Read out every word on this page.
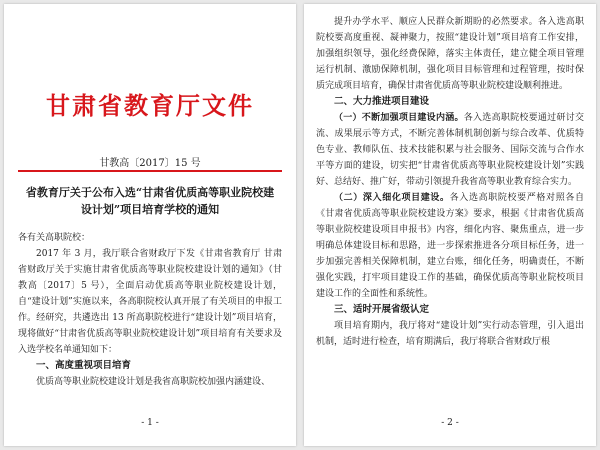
甘肃省教育厅文件
甘教高〔2017〕15 号
省教育厅关于公布入选“甘肃省优质高等职业院校建设计划”项目培育学校的通知

各有关高职院校：

2017 年 3 月，我厅联合省财政厅下发《甘肃省教育厅 甘肃省财政厅关于实施甘肃省优质高等职业院校建设计划的通知》（甘教高〔2017〕5 号），全面启动优质高等职业院校建设计划，自“建设计划”实施以来，各高职院校认真开展了有关项目的申报工作。经研究，共遴选出 13 所高职院校进行“建设计划”项目培育，现将做好“甘肃省优质高等职业院校建设计划”项目培育有关要求及入选学校名单通知如下：

一、高度重视项目培育

优质高等职业院校建设计划是我省高职院校加强内涵建设、

- 1 -

提升办学水平、顺应人民群众新期盼的必然要求。各入选高职院校要高度重视、凝神聚力，按照“建设计划”项目培育工作安排，加强组织领导，强化经费保障，落实主体责任，建立健全项目管理运行机制、激励保障机制，强化项目目标管理和过程管理，按时保质完成项目培育，确保甘肃省优质高等职业院校建设顺利推进。

二、大力推进项目建设

（一）不断加强项目建设内涵。各入选高职院校要通过研讨交流、成果展示等方式，不断完善体制机制创新与综合改革、优质特色专业、教师队伍、技术技能积累与社会服务、国际交流与合作水平等方面的建设，切实把“甘肃省优质高等职业院校建设计划”实践好、总结好、推广好，带动引领提升我省高等职业教育综合实力。

（二）深入细化项目建设。各入选高职院校要严格对照各自《甘肃省优质高等职业院校建设方案》要求，根据《甘肃省优质高等职业院校建设项目申报书》内容，细化内容、聚焦重点，进一步明确总体建设目标和思路，进一步探索推进各分项目标任务，进一步加强完善相关保障机制，建立台账，细化任务，明确责任，不断强化实践，打牢项目建设工作的基础，确保优质高等职业院校项目建设工作的全面性和系统性。

三、适时开展省级认定

项目培育期内，我厅将对“建设计划”实行动态管理，引入退出机制，适时进行检查，培育期满后，我厅将联合省财政厅根

- 2 -
